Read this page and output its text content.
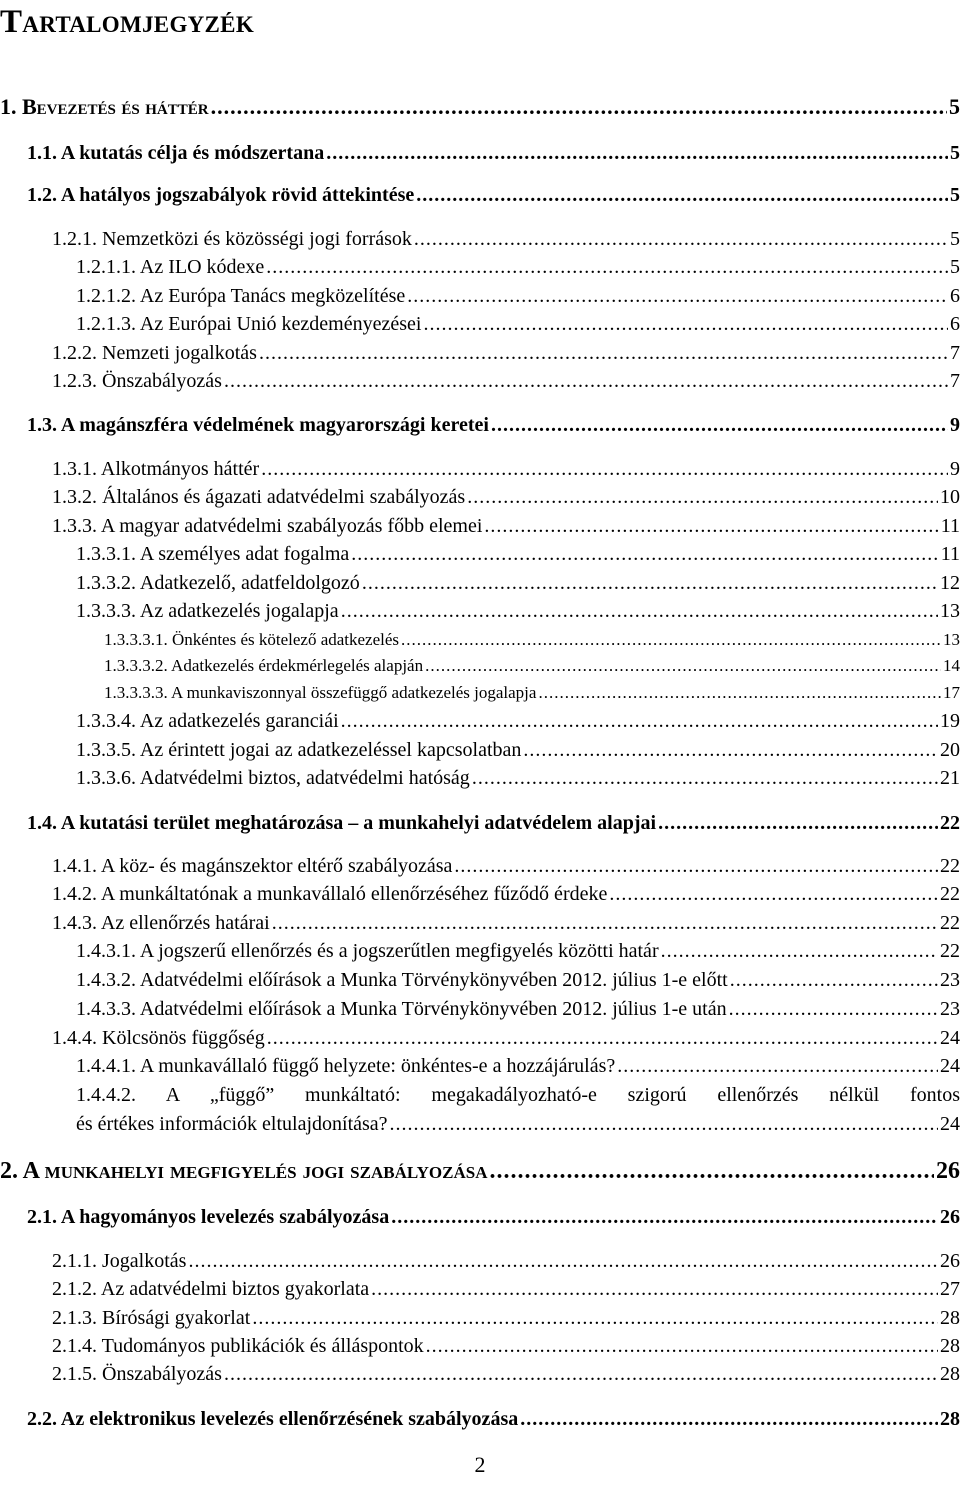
Tartalomjegyzék
1. Bevezetés és háttér .....	5
1.1. A kutatás célja és módszertana .....	5
1.2. A hatályos jogszabályok rövid áttekintése .....	5
1.2.1. Nemzetközi és közösségi jogi források .....	5
1.2.1.1. Az ILO kódexe .....	5
1.2.1.2. Az Európa Tanács megközelítése .....	6
1.2.1.3. Az Európai Unió kezdeményezései .....	6
1.2.2. Nemzeti jogalkotás .....	7
1.2.3. Önszabályozás .....	7
1.3. A magánszféra védelmének magyarországi keretei .....	9
1.3.1. Alkotmányos háttér .....	9
1.3.2. Általános és ágazati adatvédelmi szabályozás .....	10
1.3.3. A magyar adatvédelmi szabályozás főbb elemei .....	11
1.3.3.1. A személyes adat fogalma .....	11
1.3.3.2. Adatkezelő, adatfeldolgozó .....	12
1.3.3.3. Az adatkezelés jogalapja .....	13
1.3.3.3.1. Önkéntes és kötelező adatkezelés .....	13
1.3.3.3.2. Adatkezelés érdekmérlegelés alapján .....	14
1.3.3.3.3. A munkaviszonnyal összefüggő adatkezelés jogalapja .....	17
1.3.3.4. Az adatkezelés garanciái .....	19
1.3.3.5. Az érintett jogai az adatkezeléssel kapcsolatban .....	20
1.3.3.6. Adatvédelmi biztos, adatvédelmi hatóság .....	21
1.4. A kutatási terület meghatározása – a munkahelyi adatvédelem alapjai .....	22
1.4.1. A köz- és magánszektor eltérő szabályozása .....	22
1.4.2. A munkáltatónak a munkavállaló ellenőrzéséhez fűződő érdeke .....	22
1.4.3. Az ellenőrzés határai .....	22
1.4.3.1. A jogszerű ellenőrzés és a jogszerűtlen megfigyelés közötti határ .....	22
1.4.3.2. Adatvédelmi előírások a Munka Törvénykönyvében 2012. július 1-e előtt .....	23
1.4.3.3. Adatvédelmi előírások a Munka Törvénykönyvében 2012. július 1-e után .....	23
1.4.4. Kölcsönös függőség .....	24
1.4.4.1. A munkavállaló függő helyzete: önkéntes-e a hozzájárulás? .....	24
1.4.4.2. A „függő” munkáltató: megakadályozható-e szigorú ellenőrzés nélkül fontos
és értékes információk eltulajdonítása? .....	24
2. A munkahelyi megfigyelés jogi szabályozása .....	26
2.1. A hagyományos levelezés szabályozása .....	26
2.1.1. Jogalkotás .....	26
2.1.2. Az adatvédelmi biztos gyakorlata .....	27
2.1.3. Bírósági gyakorlat .....	28
2.1.4. Tudományos publikációk és álláspontok .....	28
2.1.5. Önszabályozás .....	28
2.2. Az elektronikus levelezés ellenőrzésének szabályozása .....	28
2
